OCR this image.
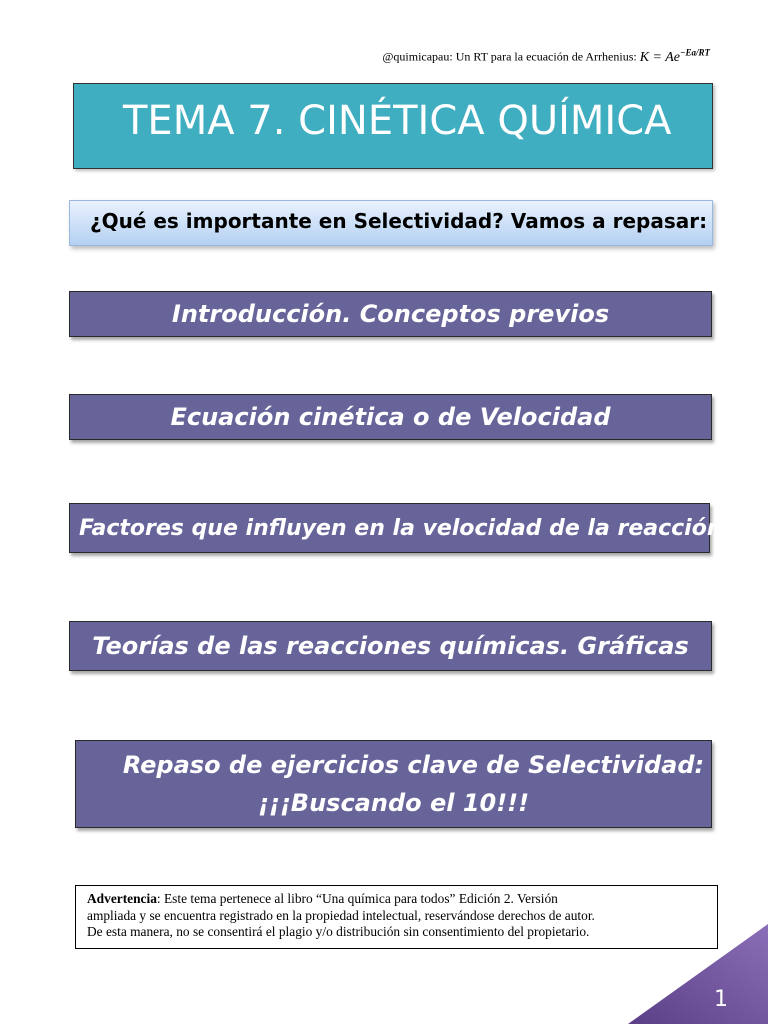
@quimicapau: Un RT para la ecuación de Arrhenius: $K = Ae^{-Ea/RT}$
TEMA 7. CINÉTICA QUÍMICA
¿Qué es importante en Selectividad? Vamos a repasar:
Introducción. Conceptos previos
Ecuación cinética o de Velocidad
Factores que influyen en la velocidad de la reacción
Teorías de las reacciones químicas. Gráficas
Repaso de ejercicios clave de Selectividad:
¡¡¡Buscando el 10!!!
Advertencia: Este tema pertenece al libro “Una química para todos” Edición 2. Versión
ampliada y se encuentra registrado en la propiedad intelectual, reservándose derechos de autor.
De esta manera, no se consentirá el plagio y/o distribución sin consentimiento del propietario.
1
